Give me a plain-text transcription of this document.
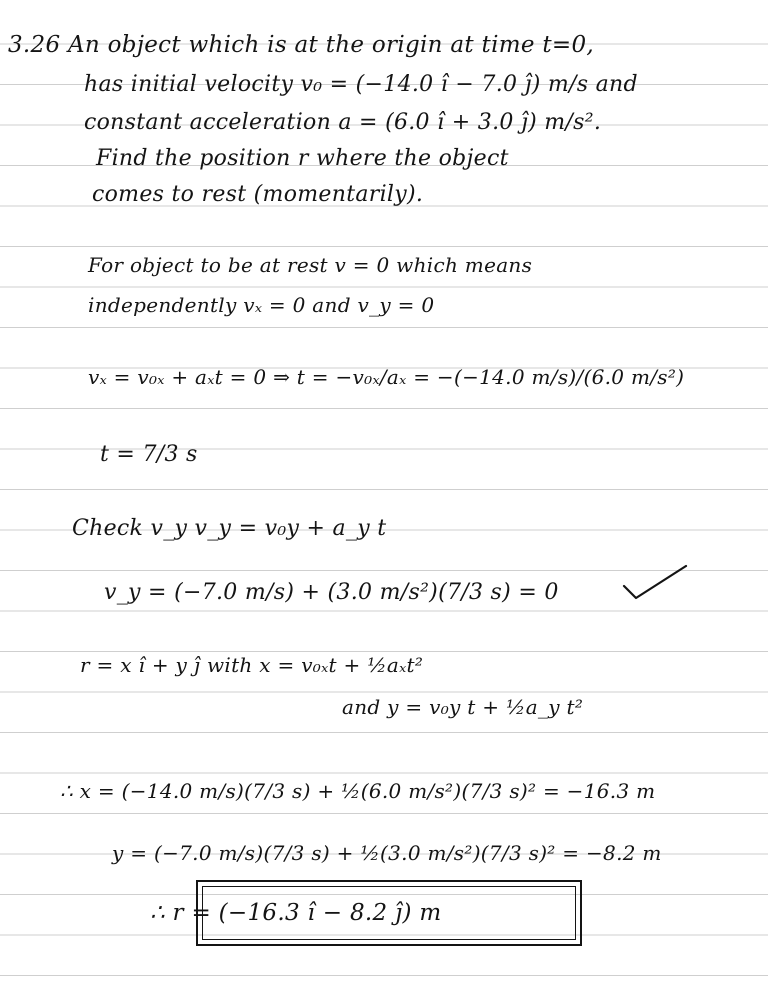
3.26 An object which is at the origin at time t=0,
has initial velocity v₀ = (−14.0 î − 7.0 ĵ) m/s and
constant acceleration a = (6.0 î + 3.0 ĵ) m/s².
Find the position r where the object
comes to rest (momentarily).
For object to be at rest v = 0 which means
independently vₓ = 0 and v_y = 0
vₓ = v₀ₓ + aₓt = 0 ⇒ t = −v₀ₓ/aₓ = −(−14.0 m/s)/(6.0 m/s²)
t = 7/3 s
Check v_y v_y = v₀y + a_y t
v_y = (−7.0 m/s) + (3.0 m/s²)(7/3 s) = 0
r = x î + y ĵ with x = v₀ₓt + ½aₓt²
and y = v₀y t + ½a_y t²
∴ x = (−14.0 m/s)(7/3 s) + ½(6.0 m/s²)(7/3 s)² = −16.3 m
y = (−7.0 m/s)(7/3 s) + ½(3.0 m/s²)(7/3 s)² = −8.2 m
∴ r = (−16.3 î − 8.2 ĵ) m
